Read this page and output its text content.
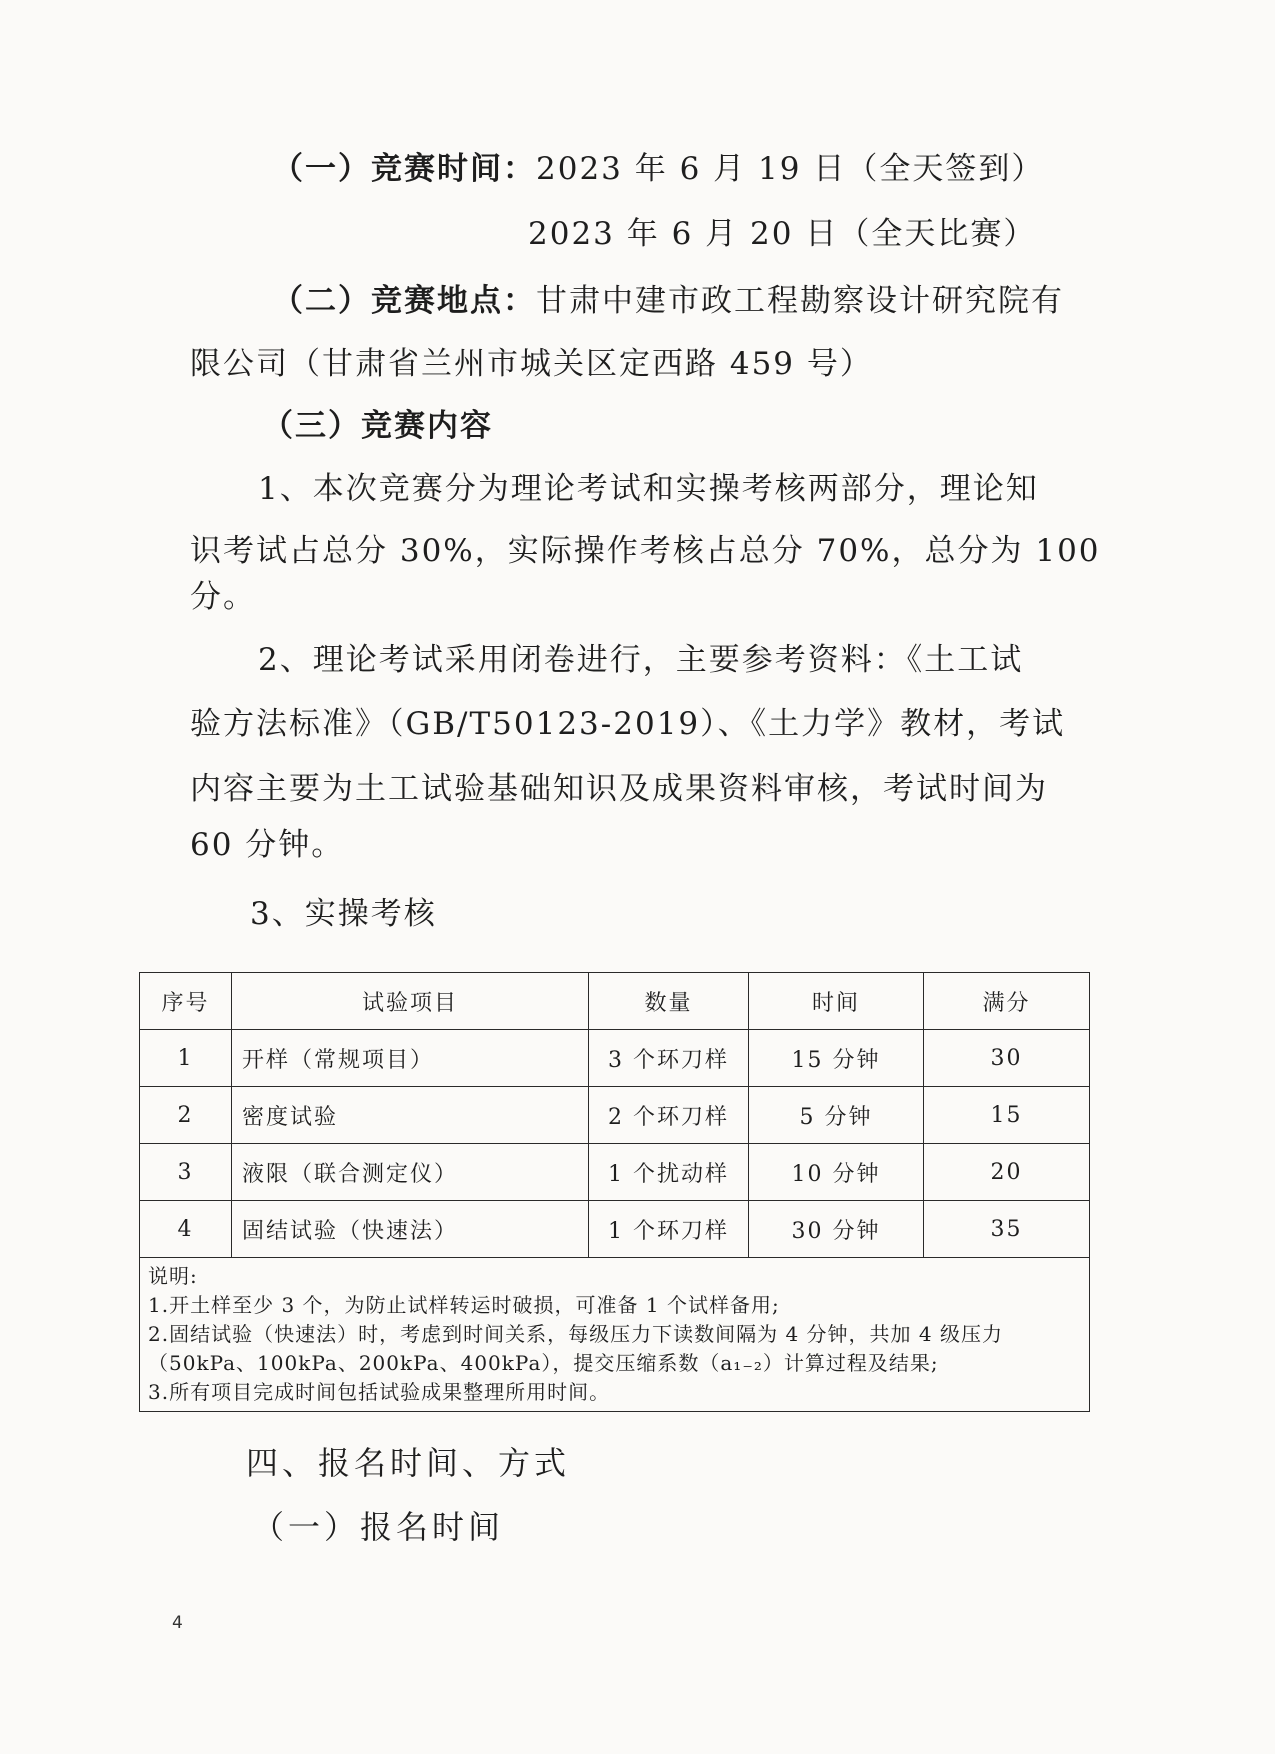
（一）竞赛时间：2023 年 6 月 19 日（全天签到）
2023 年 6 月 20 日（全天比赛）
（二）竞赛地点：甘肃中建市政工程勘察设计研究院有
限公司（甘肃省兰州市城关区定西路 459 号）
（三）竞赛内容
1、本次竞赛分为理论考试和实操考核两部分，理论知
识考试占总分 30%，实际操作考核占总分 70%，总分为 100
分。
2、理论考试采用闭卷进行，主要参考资料：《土工试
验方法标准》（GB/T50123-2019）、《土力学》教材，考试
内容主要为土工试验基础知识及成果资料审核，考试时间为
60 分钟。
3、实操考核
序号	试验项目	数量	时间	满分
1	开样（常规项目）	3 个环刀样	15 分钟	30
2	密度试验	2 个环刀样	5 分钟	15
3	液限（联合测定仪）	1 个扰动样	10 分钟	20
4	固结试验（快速法）	1 个环刀样	30 分钟	35

说明:
1.开土样至少 3 个，为防止试样转运时破损，可准备 1 个试样备用;
2.固结试验（快速法）时，考虑到时间关系，每级压力下读数间隔为 4 分钟，共加 4 级压力（50kPa、100kPa、200kPa、400kPa），提交压缩系数（a₁₋₂）计算过程及结果;
3.所有项目完成时间包括试验成果整理所用时间。				
四、报名时间、方式
（一）报名时间
4
